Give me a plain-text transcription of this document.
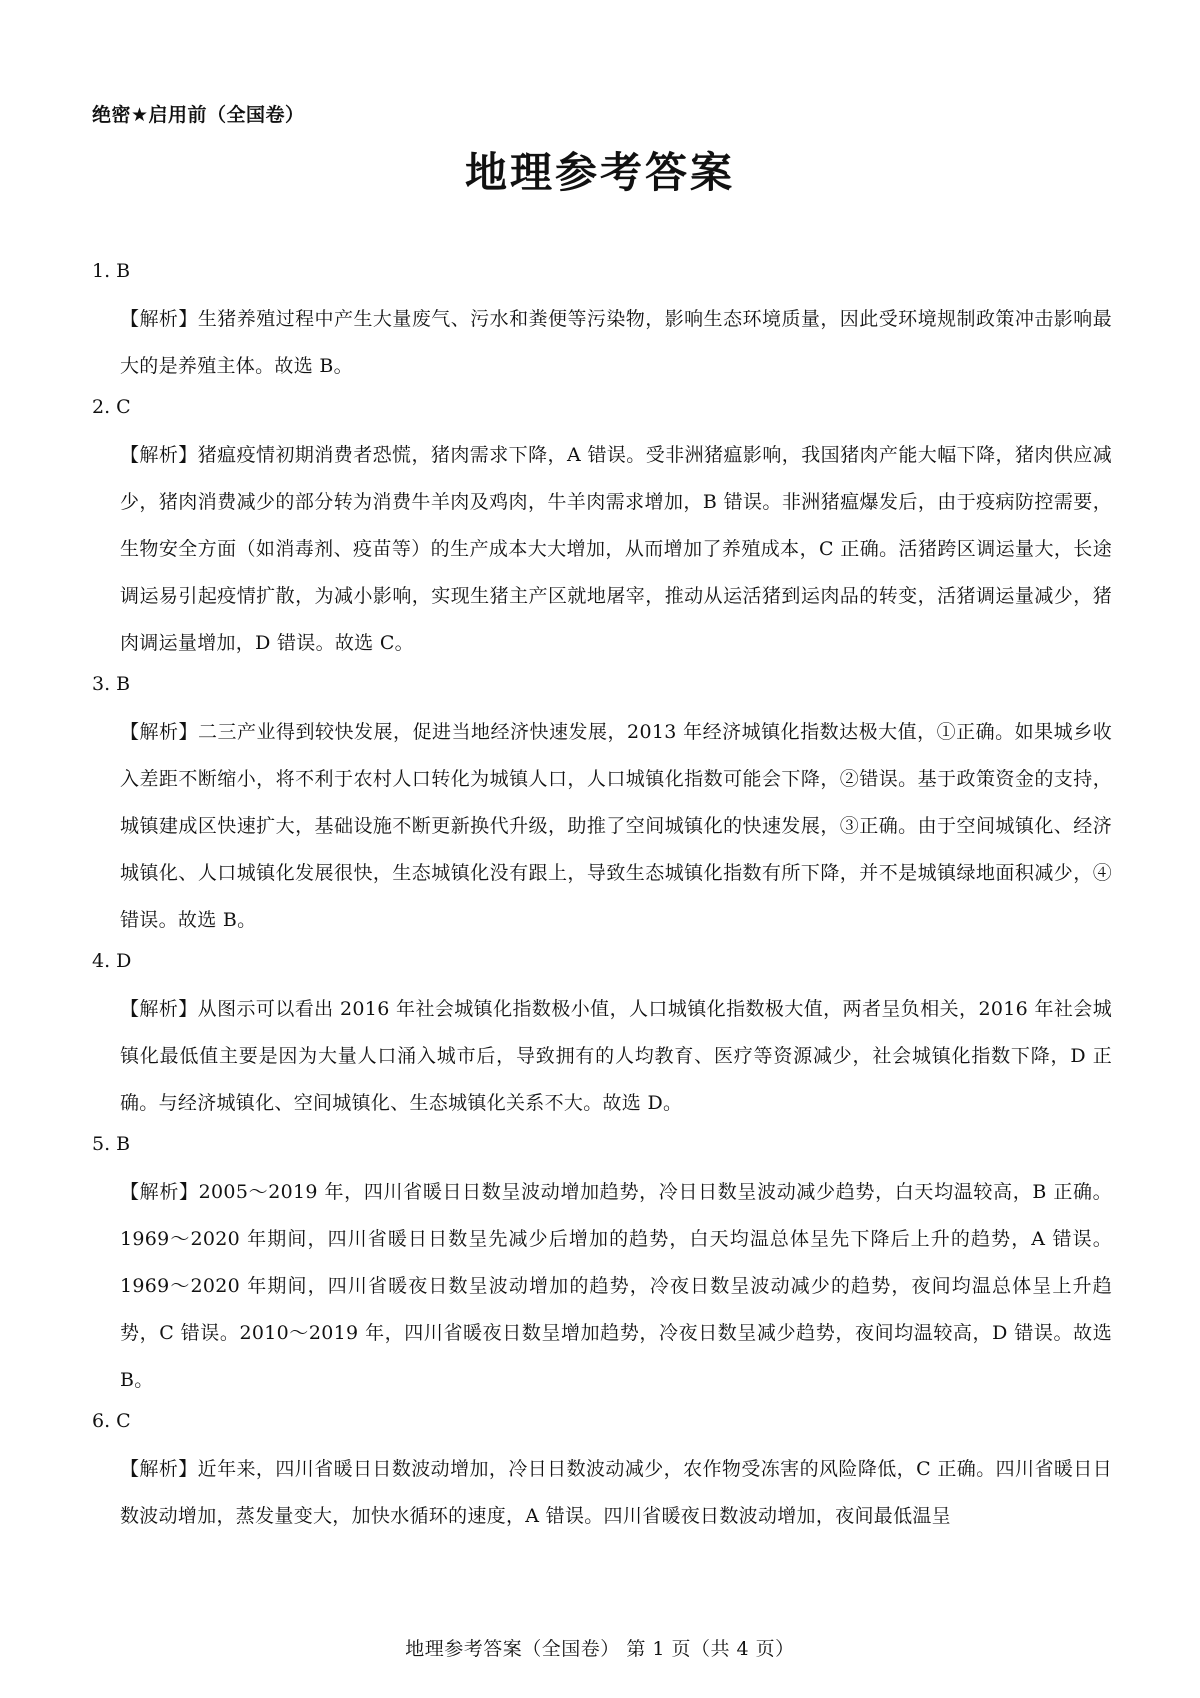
绝密★启用前（全国卷）
地理参考答案

1. B

【解析】生猪养殖过程中产生大量废气、污水和粪便等污染物，影响生态环境质量，因此受环境规制政策冲击影响最大的是养殖主体。故选 B。

2. C

【解析】猪瘟疫情初期消费者恐慌，猪肉需求下降，A 错误。受非洲猪瘟影响，我国猪肉产能大幅下降，猪肉供应减少，猪肉消费减少的部分转为消费牛羊肉及鸡肉，牛羊肉需求增加，B 错误。非洲猪瘟爆发后，由于疫病防控需要，生物安全方面（如消毒剂、疫苗等）的生产成本大大增加，从而增加了养殖成本，C 正确。活猪跨区调运量大，长途调运易引起疫情扩散，为减小影响，实现生猪主产区就地屠宰，推动从运活猪到运肉品的转变，活猪调运量减少，猪肉调运量增加，D 错误。故选 C。

3. B

【解析】二三产业得到较快发展，促进当地经济快速发展，2013 年经济城镇化指数达极大值，①正确。如果城乡收入差距不断缩小，将不利于农村人口转化为城镇人口，人口城镇化指数可能会下降，②错误。基于政策资金的支持，城镇建成区快速扩大，基础设施不断更新换代升级，助推了空间城镇化的快速发展，③正确。由于空间城镇化、经济城镇化、人口城镇化发展很快，生态城镇化没有跟上，导致生态城镇化指数有所下降，并不是城镇绿地面积减少，④错误。故选 B。

4. D

【解析】从图示可以看出 2016 年社会城镇化指数极小值，人口城镇化指数极大值，两者呈负相关，2016 年社会城镇化最低值主要是因为大量人口涌入城市后，导致拥有的人均教育、医疗等资源减少，社会城镇化指数下降，D 正确。与经济城镇化、空间城镇化、生态城镇化关系不大。故选 D。

5. B

【解析】2005～2019 年，四川省暖日日数呈波动增加趋势，冷日日数呈波动减少趋势，白天均温较高，B 正确。1969～2020 年期间，四川省暖日日数呈先减少后增加的趋势，白天均温总体呈先下降后上升的趋势，A 错误。1969～2020 年期间，四川省暖夜日数呈波动增加的趋势，冷夜日数呈波动减少的趋势，夜间均温总体呈上升趋势，C 错误。2010～2019 年，四川省暖夜日数呈增加趋势，冷夜日数呈减少趋势，夜间均温较高，D 错误。故选 B。

6. C

【解析】近年来，四川省暖日日数波动增加，冷日日数波动减少，农作物受冻害的风险降低，C 正确。四川省暖日日数波动增加，蒸发量变大，加快水循环的速度，A 错误。四川省暖夜日数波动增加，夜间最低温呈

地理参考答案（全国卷） 第 1 页（共 4 页）
